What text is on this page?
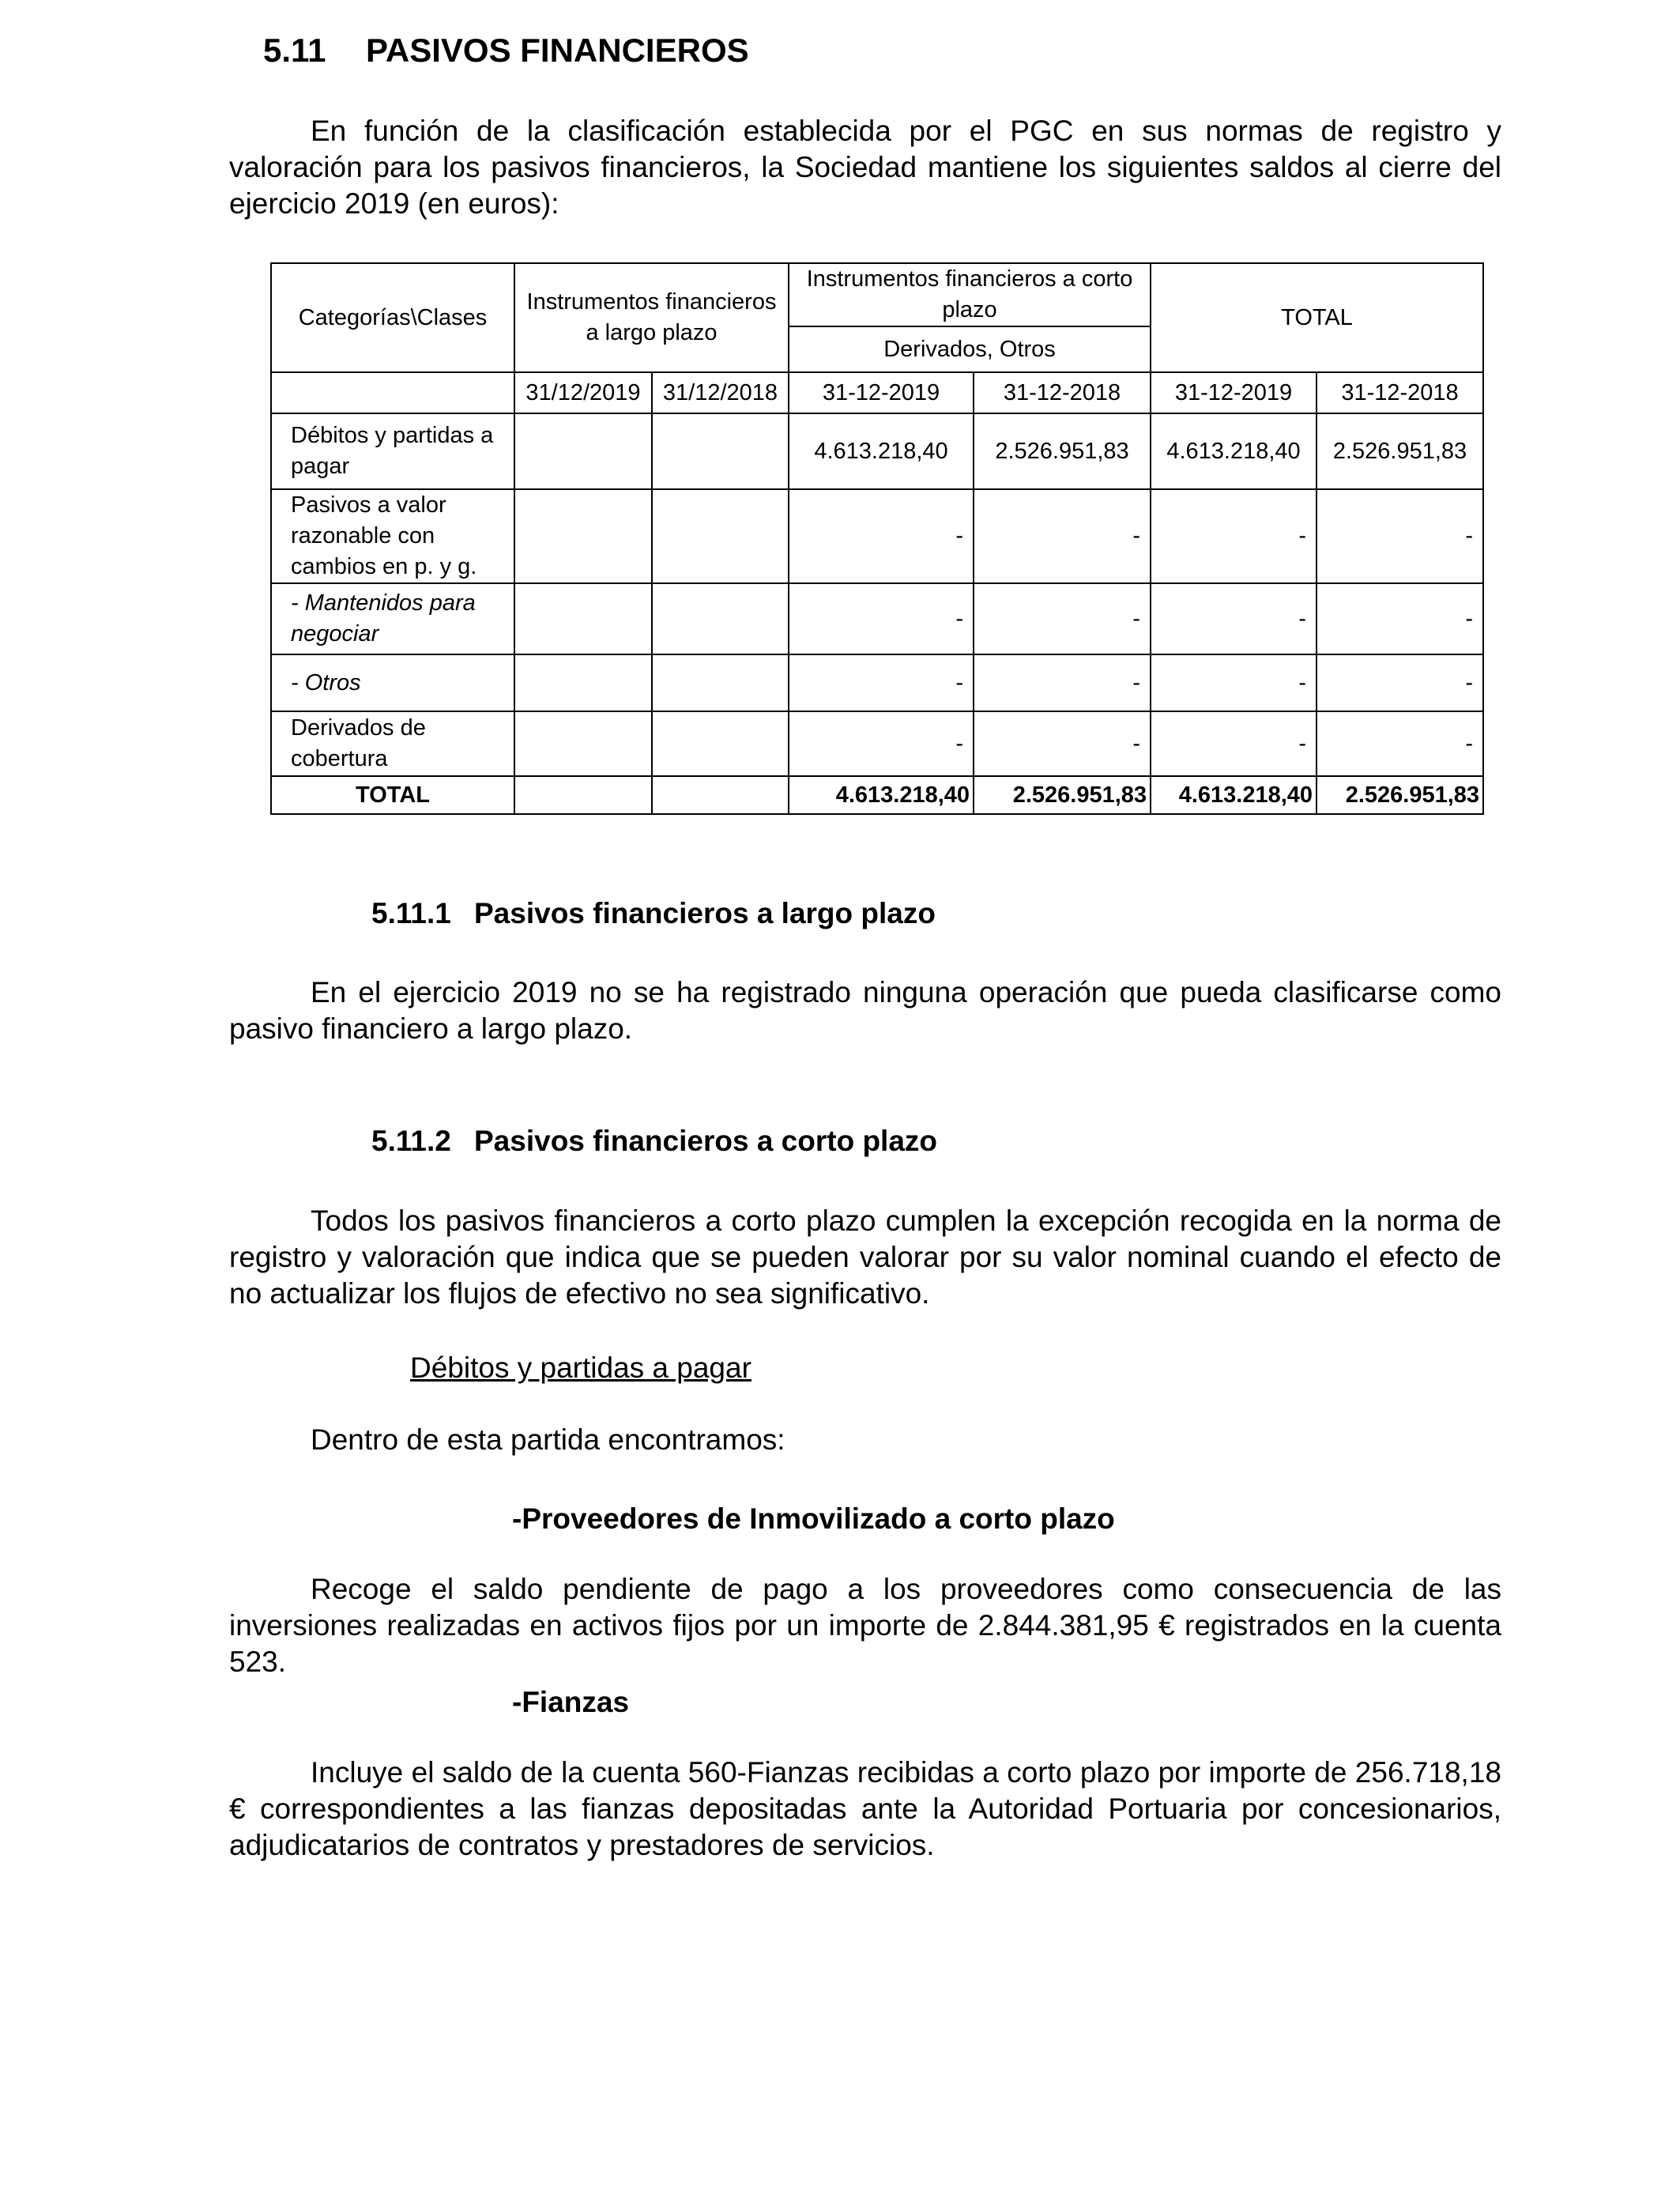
5.11 PASIVOS FINANCIEROS
En función de la clasificación establecida por el PGC en sus normas de registro y valoración para los pasivos financieros, la Sociedad mantiene los siguientes saldos al cierre del ejercicio 2019 (en euros):
Categorías\Clases	Instrumentos financieros a largo plazo		Instrumentos financieros a corto plazo		TOTAL	
			Derivados, Otros			
	31/12/2019	31/12/2018	31-12-2019	31-12-2018	31-12-2019	31-12-2018
Débitos y partidas a pagar			4.613.218,40	2.526.951,83	4.613.218,40	2.526.951,83
Pasivos a valor razonable con cambios en p. y g.			-	-	-	-
- Mantenidos para negociar			-	-	-	-
- Otros			-	-	-	-
Derivados de cobertura			-	-	-	-
TOTAL			4.613.218,40	2.526.951,83	4.613.218,40	2.526.951,83
5.11.1 Pasivos financieros a largo plazo
En el ejercicio 2019 no se ha registrado ninguna operación que pueda clasificarse como pasivo financiero a largo plazo.
5.11.2 Pasivos financieros a corto plazo
Todos los pasivos financieros a corto plazo cumplen la excepción recogida en la norma de registro y valoración que indica que se pueden valorar por su valor nominal cuando el efecto de no actualizar los flujos de efectivo no sea significativo.
Débitos y partidas a pagar
Dentro de esta partida encontramos:
-Proveedores de Inmovilizado a corto plazo
Recoge el saldo pendiente de pago a los proveedores como consecuencia de las inversiones realizadas en activos fijos por un importe de 2.844.381,95 € registrados en la cuenta 523.
-Fianzas
Incluye el saldo de la cuenta 560-Fianzas recibidas a corto plazo por importe de 256.718,18 € correspondientes a las fianzas depositadas ante la Autoridad Portuaria por concesionarios, adjudicatarios de contratos y prestadores de servicios.
